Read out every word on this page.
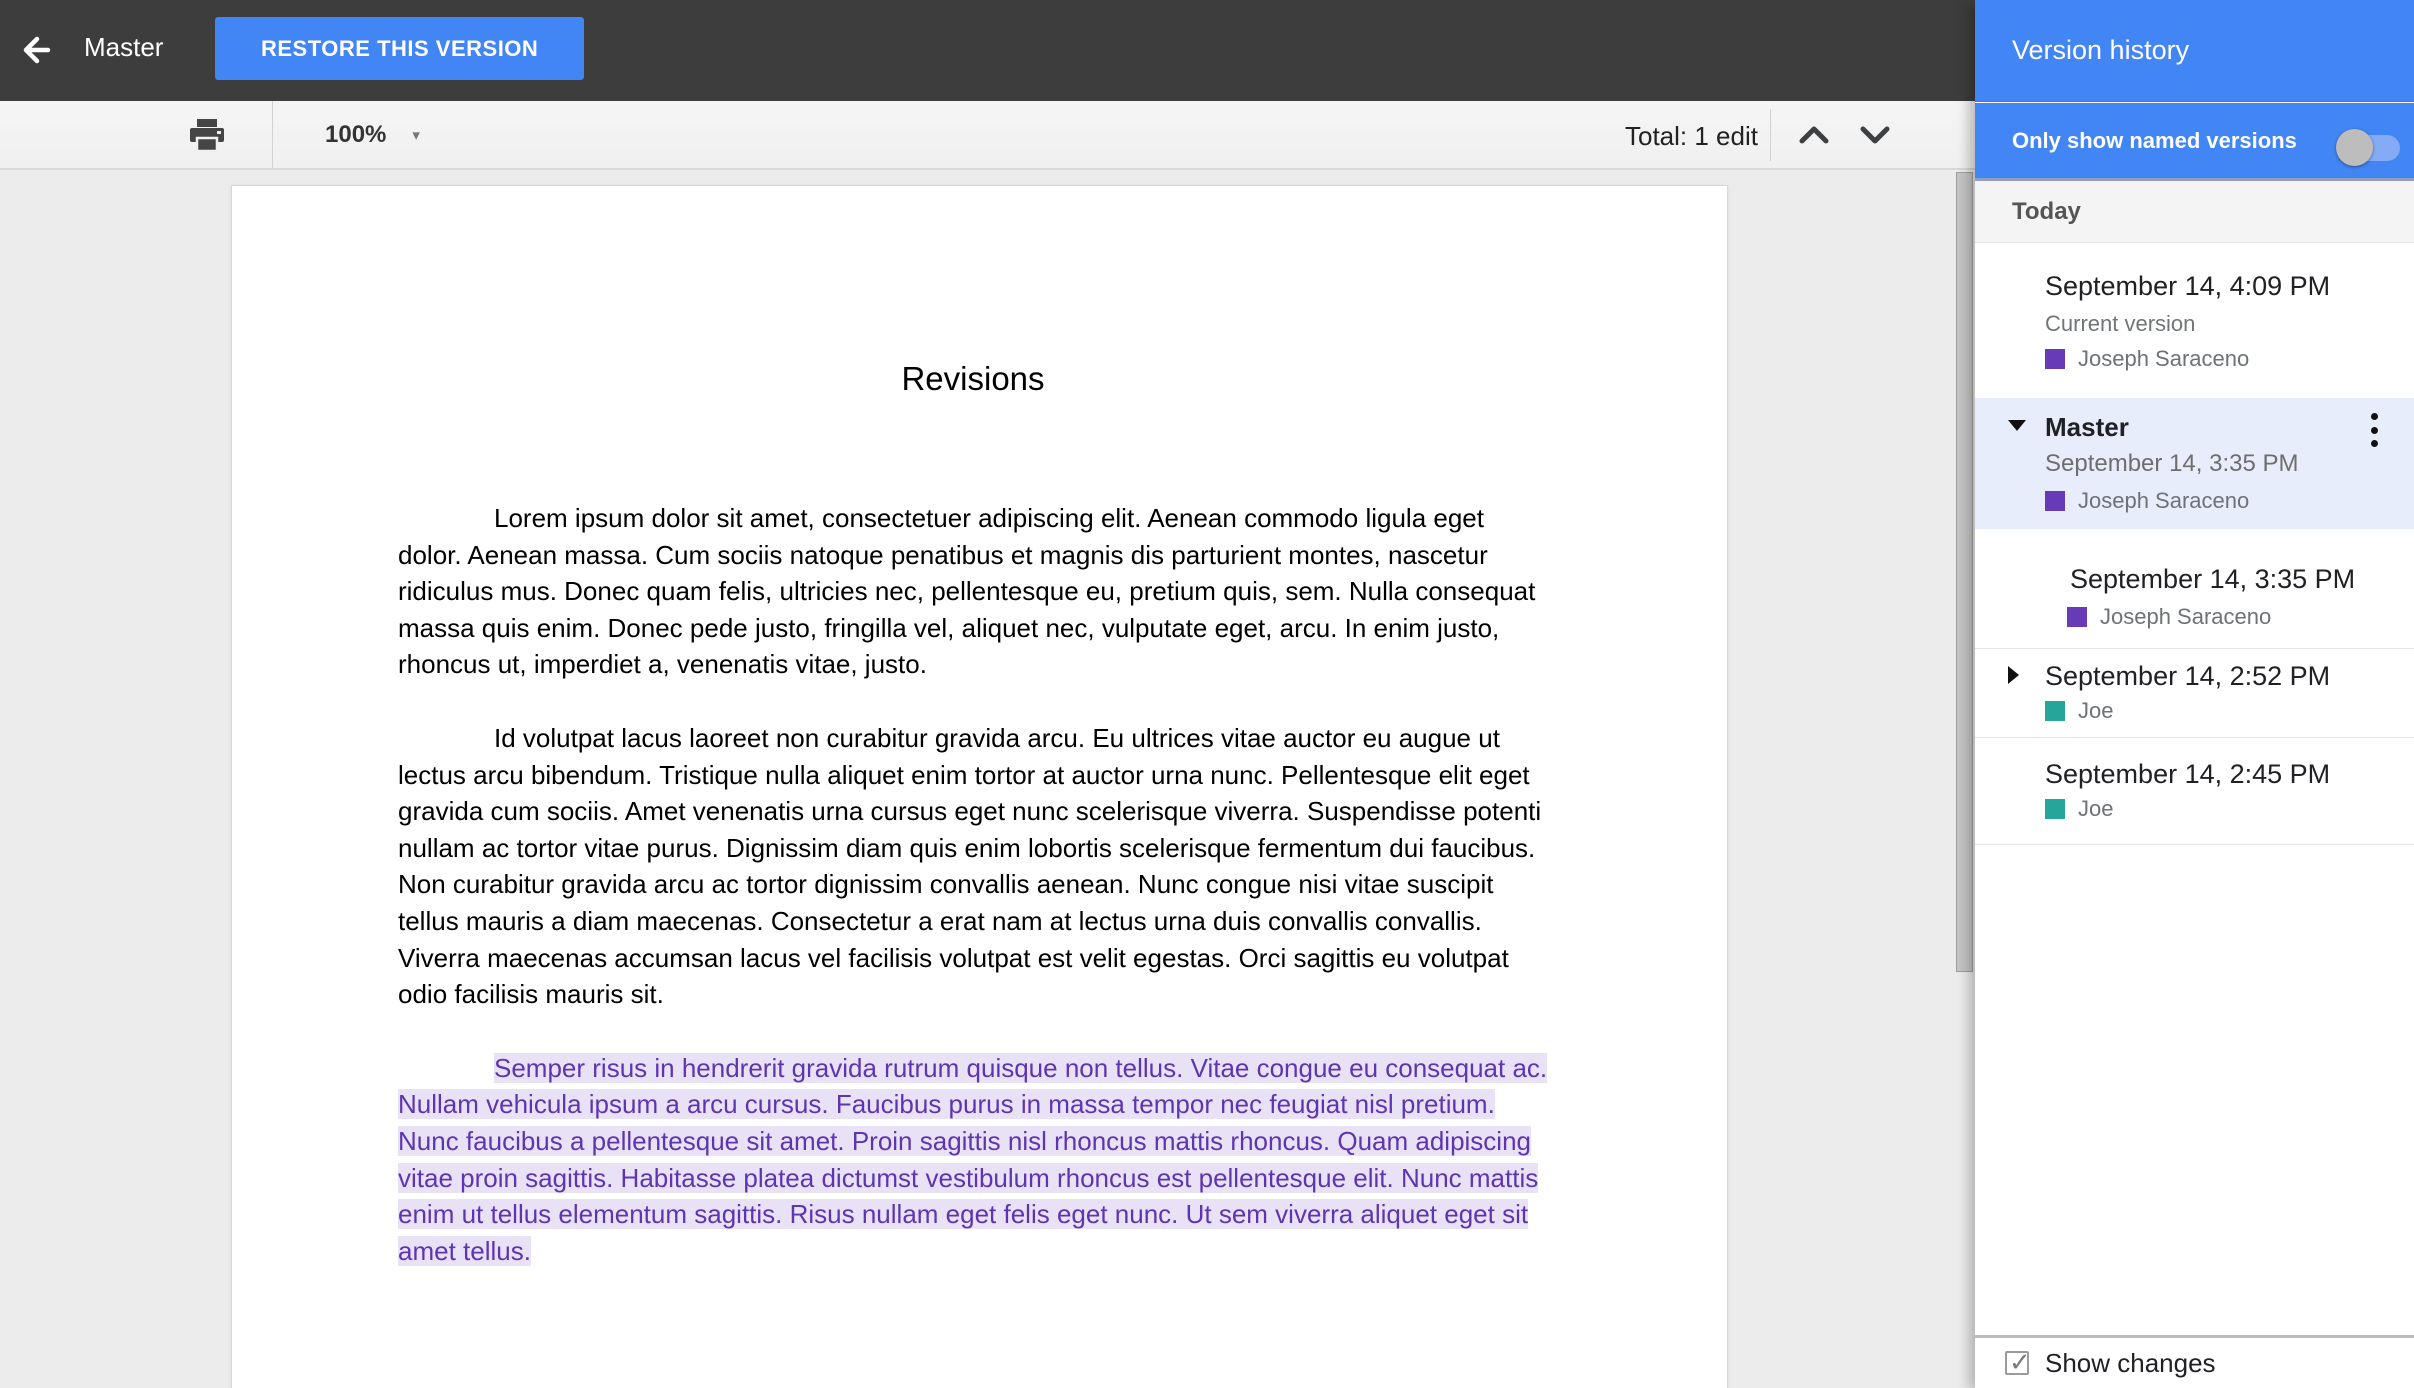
Master	RESTORE THIS VERSION
100% ▾	Total: 1 edit
Revisions

Lorem ipsum dolor sit amet, consectetuer adipiscing elit. Aenean commodo ligula eget dolor. Aenean massa. Cum sociis natoque penatibus et magnis dis parturient montes, nascetur ridiculus mus. Donec quam felis, ultricies nec, pellentesque eu, pretium quis, sem. Nulla consequat massa quis enim. Donec pede justo, fringilla vel, aliquet nec, vulputate eget, arcu. In enim justo, rhoncus ut, imperdiet a, venenatis vitae, justo.

Id volutpat lacus laoreet non curabitur gravida arcu. Eu ultrices vitae auctor eu augue ut lectus arcu bibendum. Tristique nulla aliquet enim tortor at auctor urna nunc. Pellentesque elit eget gravida cum sociis. Amet venenatis urna cursus eget nunc scelerisque viverra. Suspendisse potenti nullam ac tortor vitae purus. Dignissim diam quis enim lobortis scelerisque fermentum dui faucibus. Non curabitur gravida arcu ac tortor dignissim convallis aenean. Nunc congue nisi vitae suscipit tellus mauris a diam maecenas. Consectetur a erat nam at lectus urna duis convallis convallis. Viverra maecenas accumsan lacus vel facilisis volutpat est velit egestas. Orci sagittis eu volutpat odio facilisis mauris sit.

Semper risus in hendrerit gravida rutrum quisque non tellus. Vitae congue eu consequat ac. Nullam vehicula ipsum a arcu cursus. Faucibus purus in massa tempor nec feugiat nisl pretium. Nunc faucibus a pellentesque sit amet. Proin sagittis nisl rhoncus mattis rhoncus. Quam adipiscing vitae proin sagittis. Habitasse platea dictumst vestibulum rhoncus est pellentesque elit. Nunc mattis enim ut tellus elementum sagittis. Risus nullam eget felis eget nunc. Ut sem viverra aliquet eget sit amet tellus.

Version history
Only show named versions
Today
September 14, 4:09 PM
Current version
Joseph Saraceno
Master
September 14, 3:35 PM
Joseph Saraceno
September 14, 3:35 PM
Joseph Saraceno
September 14, 2:52 PM
Joe
September 14, 2:45 PM
Joe
✓ Show changes
